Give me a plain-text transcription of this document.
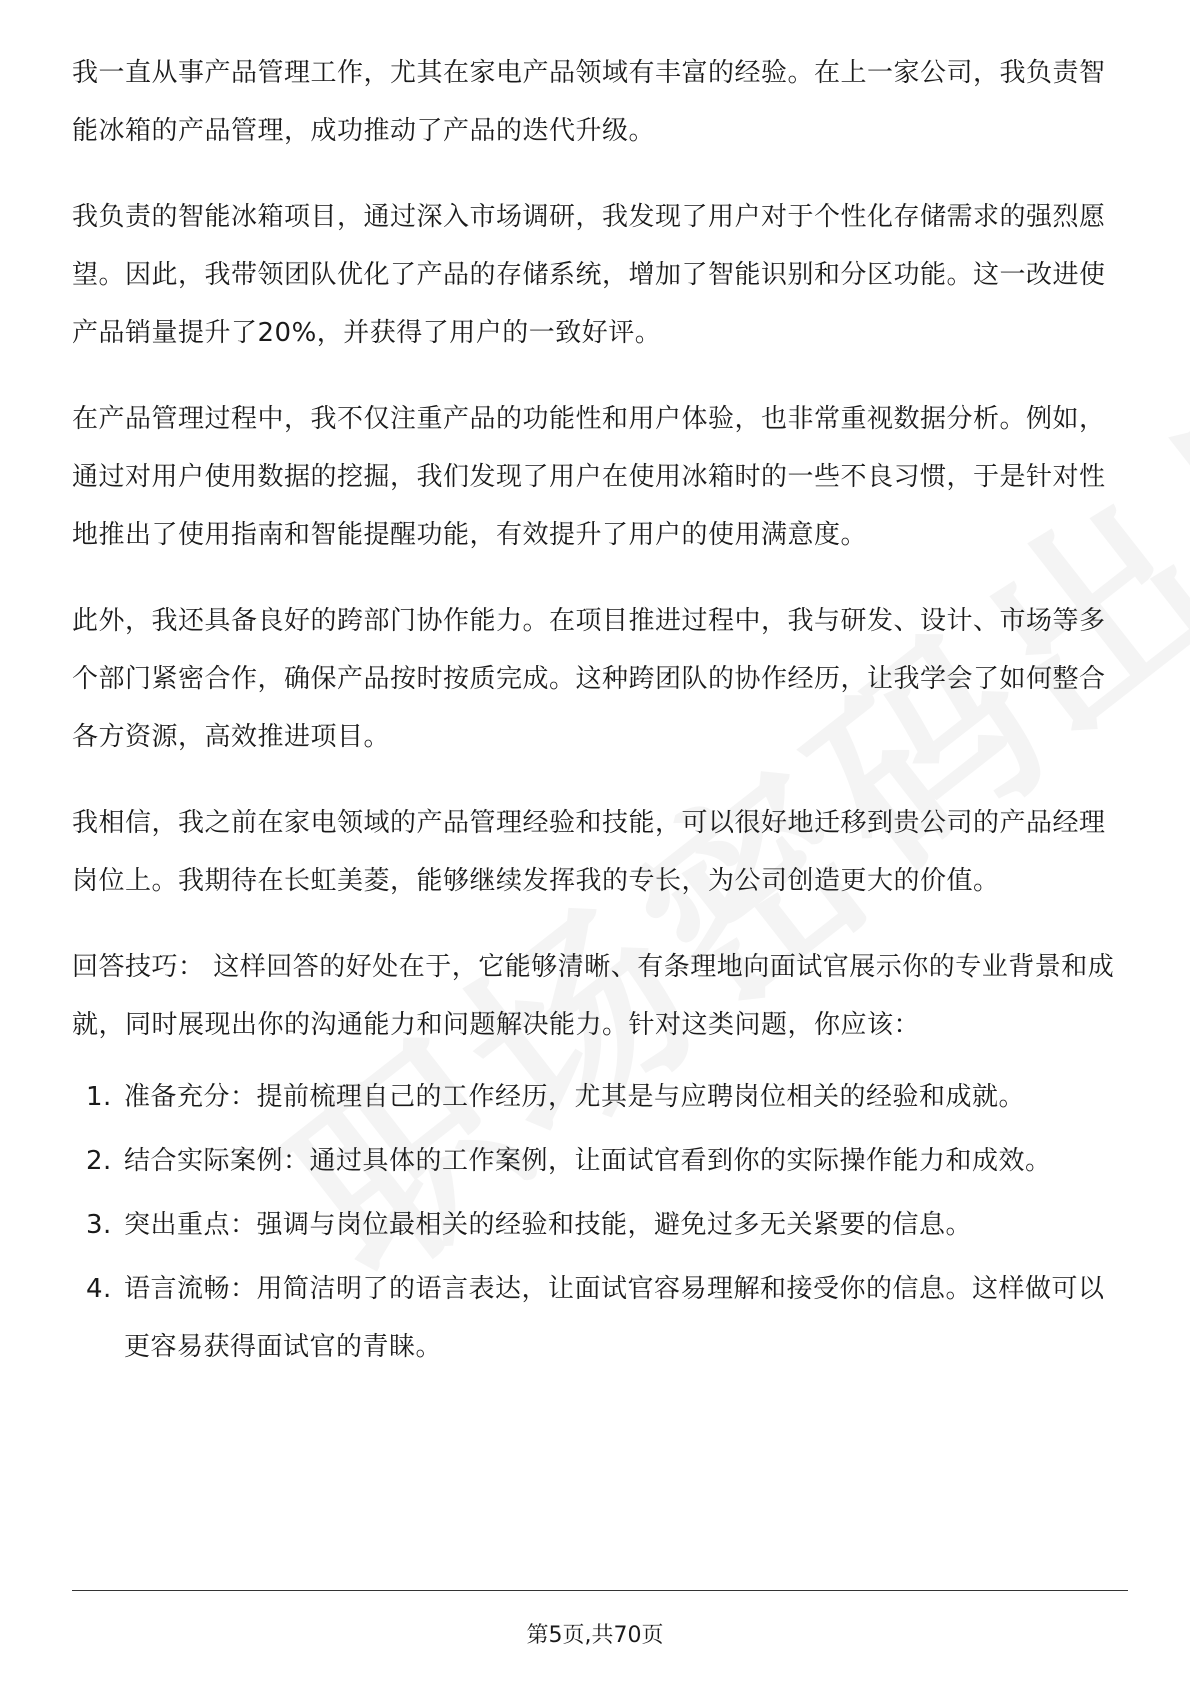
我一直从事产品管理工作，尤其在家电产品领域有丰富的经验。在上一家公司，我负责智能冰箱的产品管理，成功推动了产品的迭代升级。

我负责的智能冰箱项目，通过深入市场调研，我发现了用户对于个性化存储需求的强烈愿望。因此，我带领团队优化了产品的存储系统，增加了智能识别和分区功能。这一改进使产品销量提升了20%，并获得了用户的一致好评。

在产品管理过程中，我不仅注重产品的功能性和用户体验，也非常重视数据分析。例如，通过对用户使用数据的挖掘，我们发现了用户在使用冰箱时的一些不良习惯，于是针对性地推出了使用指南和智能提醒功能，有效提升了用户的使用满意度。

此外，我还具备良好的跨部门协作能力。在项目推进过程中，我与研发、设计、市场等多个部门紧密合作，确保产品按时按质完成。这种跨团队的协作经历，让我学会了如何整合各方资源，高效推进项目。

我相信，我之前在家电领域的产品管理经验和技能，可以很好地迁移到贵公司的产品经理岗位上。我期待在长虹美菱，能够继续发挥我的专长，为公司创造更大的价值。

回答技巧： 这样回答的好处在于，它能够清晰、有条理地向面试官展示你的专业背景和成就，同时展现出你的沟通能力和问题解决能力。针对这类问题，你应该：

1. 准备充分：提前梳理自己的工作经历，尤其是与应聘岗位相关的经验和成就。
2. 结合实际案例：通过具体的工作案例，让面试官看到你的实际操作能力和成效。
3. 突出重点：强调与岗位最相关的经验和技能，避免过多无关紧要的信息。
4. 语言流畅：用简洁明了的语言表达，让面试官容易理解和接受你的信息。这样做可以更容易获得面试官的青睐。
第5页,共70页
